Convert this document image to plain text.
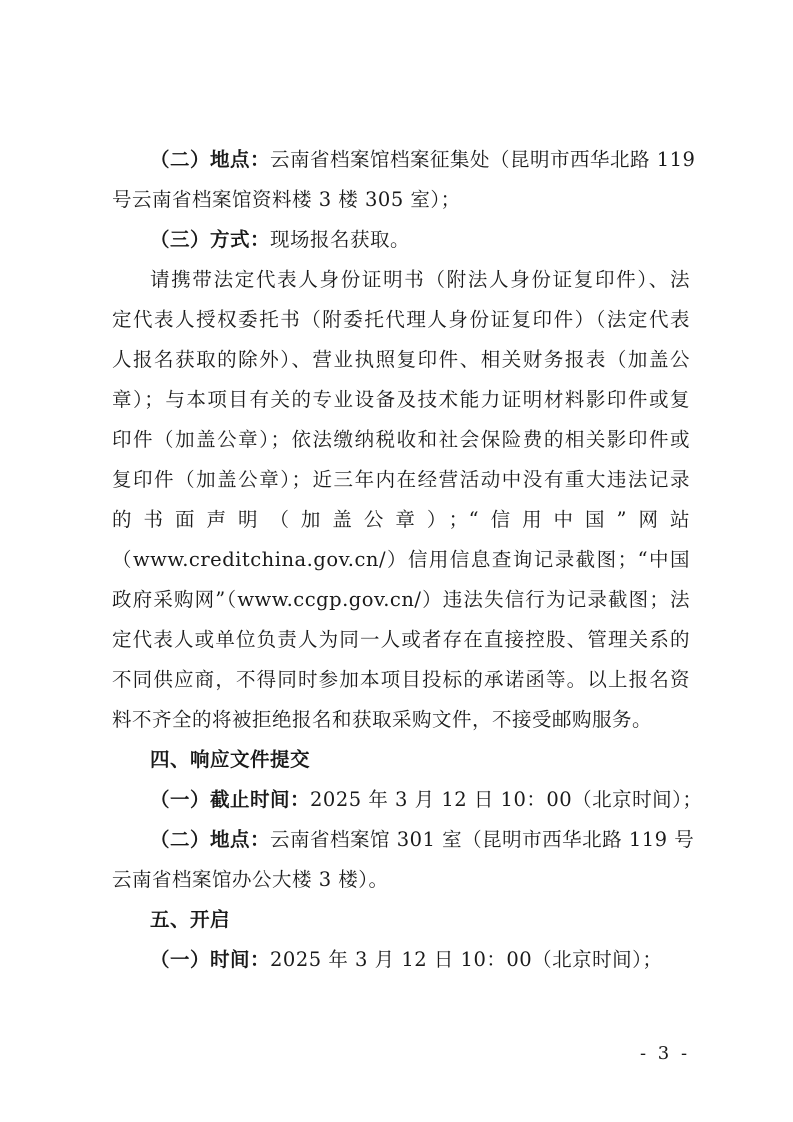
（二）地点：云南省档案馆档案征集处（昆明市西华北路 119
号云南省档案馆资料楼 3 楼 305 室）；
（三）方式：现场报名获取。
请携带法定代表人身份证明书（附法人身份证复印件）、法
定代表人授权委托书（附委托代理人身份证复印件）（法定代表
人报名获取的除外）、营业执照复印件、相关财务报表（加盖公
章）；与本项目有关的专业设备及技术能力证明材料影印件或复
印件（加盖公章）；依法缴纳税收和社会保险费的相关影印件或
复印件（加盖公章）；近三年内在经营活动中没有重大违法记录
的书面声明（加盖公章）；“信用中国”网站
（www.creditchina.gov.cn/）信用信息查询记录截图；“中国
政府采购网”（www.ccgp.gov.cn/）违法失信行为记录截图；法
定代表人或单位负责人为同一人或者存在直接控股、管理关系的
不同供应商，不得同时参加本项目投标的承诺函等。以上报名资
料不齐全的将被拒绝报名和获取采购文件，不接受邮购服务。
四、响应文件提交
（一）截止时间：2025 年 3 月 12 日 10：00（北京时间）；
（二）地点：云南省档案馆 301 室（昆明市西华北路 119 号
云南省档案馆办公大楼 3 楼）。
五、开启
（一）时间：2025 年 3 月 12 日 10：00（北京时间）；
- 3 -
